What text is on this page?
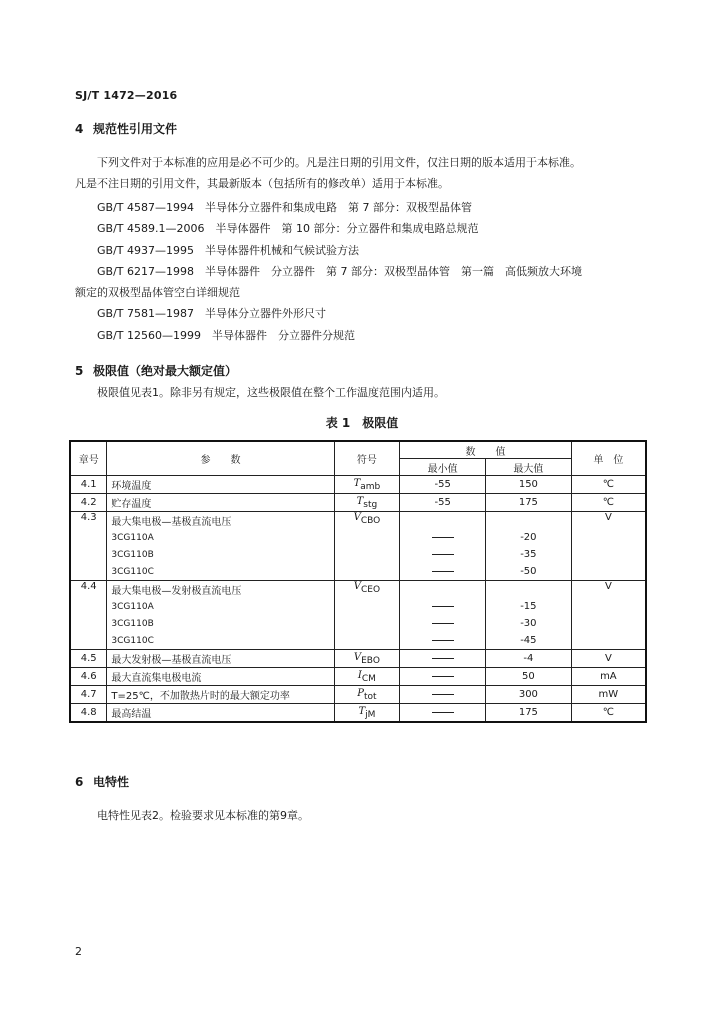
SJ/T 1472—2016
4 规范性引用文件
下列文件对于本标准的应用是必不可少的。凡是注日期的引用文件，仅注日期的版本适用于本标准。
凡是不注日期的引用文件，其最新版本（包括所有的修改单）适用于本标准。
GB/T 4587—1994　 半导体分立器件和集成电路　第 7 部分：双极型晶体管
GB/T 4589.1—2006　 半导体器件　第 10 部分：分立器件和集成电路总规范
GB/T 4937—1995　 半导体器件机械和气候试验方法
GB/T 6217—1998　 半导体器件　分立器件　第 7 部分：双极型晶体管　第一篇　高低频放大环境
额定的双极型晶体管空白详细规范
GB/T 7581—1987　 半导体分立器件外形尺寸
GB/T 12560—1999　 半导体器件　分立器件分规范
5 极限值（绝对最大额定值）
极限值见表1。除非另有规定，这些极限值在整个工作温度范围内适用。
表 1　极限值
章号	参　　数	符号	数　　值		单　位
			最小值	最大值	
4.1	环境温度	$T_{amb}$	-55	150	℃
4.2	贮存温度	$T_{stg}$	-55	175	℃
4.3	最大集电极—基极直流电压	$V_{CBO}$			V
	3CG110A			-20	
	3CG110B			-35	
	3CG110C			-50	
4.4	最大集电极—发射极直流电压	$V_{CEO}$			V
	3CG110A			-15	
	3CG110B			-30	
	3CG110C			-45	
4.5	最大发射极—基极直流电压	$V_{EBO}$		-4	V
4.6	最大直流集电极电流	$I_{CM}$		50	mA
4.7	T=25℃，不加散热片时的最大额定功率	$P_{tot}$		300	mW
4.8	最高结温	$T_{jM}$		175	℃
6 电特性
电特性见表2。检验要求见本标准的第9章。
2
